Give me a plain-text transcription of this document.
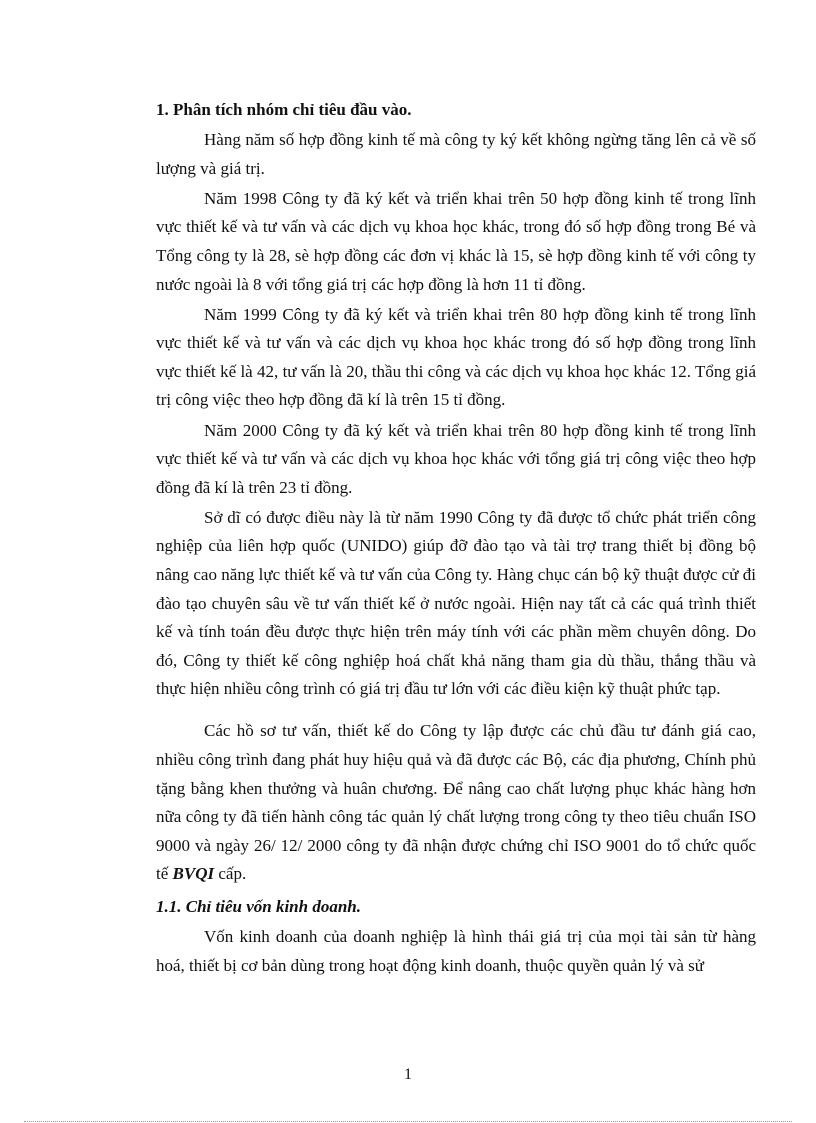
1. Phân tích nhóm chỉ tiêu đầu vào.

Hàng năm số hợp đồng kinh tế mà công ty ký kết không ngừng tăng lên cả về số lượng và giá trị.

Năm 1998 Công ty đã ký kết và triển khai trên 50 hợp đồng kinh tế trong lĩnh vực thiết kế và tư vấn và các dịch vụ khoa học khác, trong đó số hợp đồng trong Bé và Tổng công ty là 28, sè hợp đồng các đơn vị khác là 15, sè hợp đồng kinh tế với công ty nước ngoài là 8 với tổng giá trị các hợp đồng là hơn 11 tỉ đồng.

Năm 1999 Công ty đã ký kết và triển khai trên 80 hợp đồng kinh tế trong lĩnh vực thiết kế và tư vấn và các dịch vụ khoa học khác trong đó số hợp đồng trong lĩnh vực thiết kế là 42, tư vấn là 20, thầu thi công và các dịch vụ khoa học khác 12. Tổng giá trị công việc theo hợp đồng đã kí là trên 15 tỉ đồng.

Năm 2000 Công ty đã ký kết và triển khai trên 80 hợp đồng kinh tế trong lĩnh vực thiết kế và tư vấn và các dịch vụ khoa học khác với tổng giá trị công việc theo hợp đồng đã kí là trên 23 tỉ đồng.

Sở dĩ có được điều này là từ năm 1990 Công ty đã được tổ chức phát triển công nghiệp của liên hợp quốc (UNIDO) giúp đỡ đào tạo và tài trợ trang thiết bị đồng bộ nâng cao năng lực thiết kế và tư vấn của Công ty. Hàng chục cán bộ kỹ thuật được cử đi đào tạo chuyên sâu về tư vấn thiết kế ở nước ngoài. Hiện nay tất cả các quá trình thiết kế và tính toán đều được thực hiện trên máy tính với các phần mềm chuyên dông. Do đó, Công ty thiết kế công nghiệp hoá chất khả năng tham gia dù thầu, thắng thầu và thực hiện nhiều công trình có giá trị đầu tư lớn với các điều kiện kỹ thuật phức tạp.

Các hồ sơ tư vấn, thiết kế do Công ty lập được các chủ đầu tư đánh giá cao, nhiều công trình đang phát huy hiệu quả và đã được các Bộ, các địa phương, Chính phủ tặng bằng khen thưởng và huân chương. Để nâng cao chất lượng phục khác hàng hơn nữa công ty đã tiến hành công tác quản lý chất lượng trong công ty theo tiêu chuẩn ISO 9000 và ngày 26/ 12/ 2000 công ty đã nhận được chứng chỉ ISO 9001 do tổ chức quốc tế BVQI cấp.

1.1. Chỉ tiêu vốn kinh doanh.

Vốn kinh doanh của doanh nghiệp là hình thái giá trị của mọi tài sản từ hàng hoá, thiết bị cơ bản dùng trong hoạt động kinh doanh, thuộc quyền quản lý và sử

1
